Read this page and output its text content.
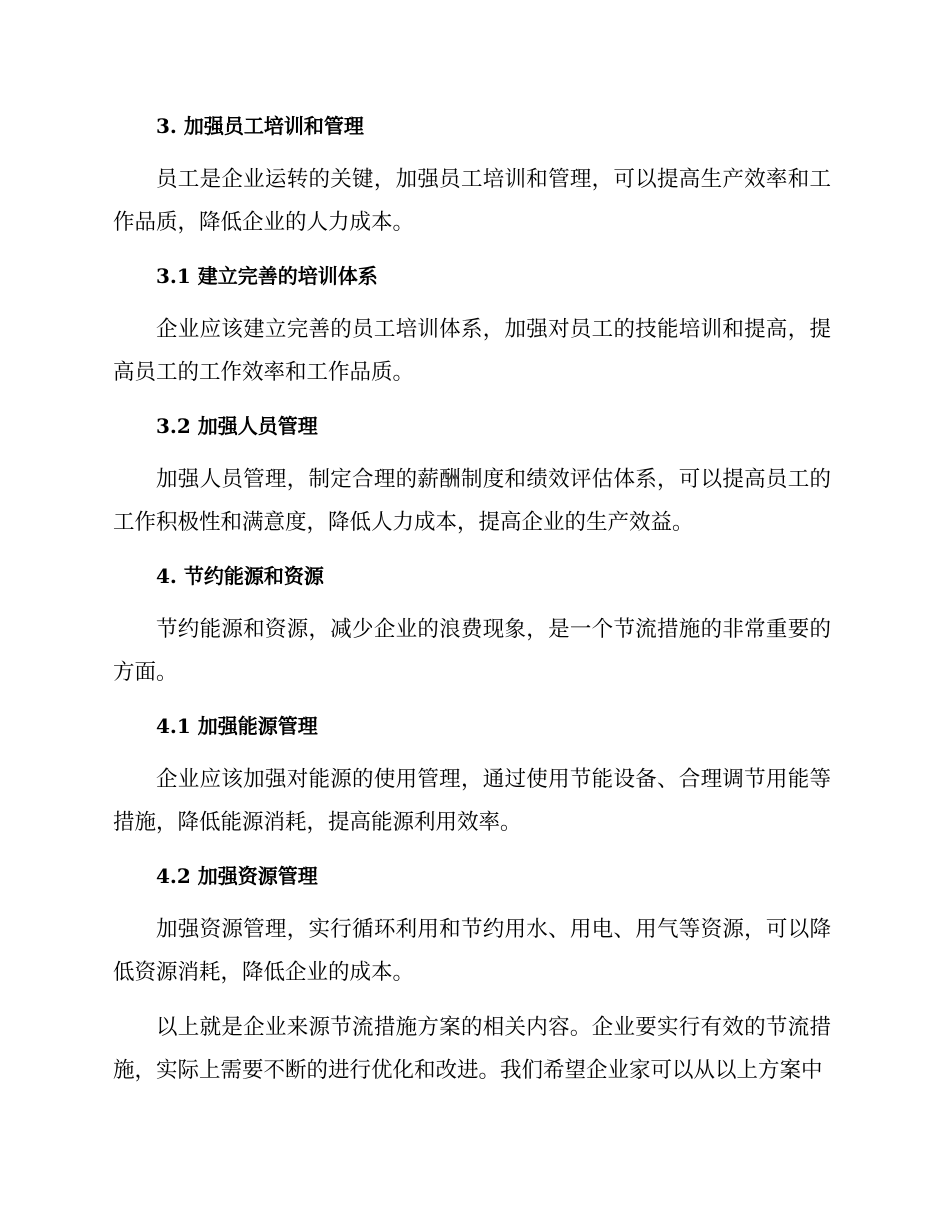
3. 加强员工培训和管理

员工是企业运转的关键，加强员工培训和管理，可以提高生产效率和工作品质，降低企业的人力成本。

3.1 建立完善的培训体系

企业应该建立完善的员工培训体系，加强对员工的技能培训和提高，提高员工的工作效率和工作品质。

3.2 加强人员管理

加强人员管理，制定合理的薪酬制度和绩效评估体系，可以提高员工的工作积极性和满意度，降低人力成本，提高企业的生产效益。

4. 节约能源和资源

节约能源和资源，减少企业的浪费现象，是一个节流措施的非常重要的方面。

4.1 加强能源管理

企业应该加强对能源的使用管理，通过使用节能设备、合理调节用能等措施，降低能源消耗，提高能源利用效率。

4.2 加强资源管理

加强资源管理，实行循环利用和节约用水、用电、用气等资源，可以降低资源消耗，降低企业的成本。

以上就是企业来源节流措施方案的相关内容。企业要实行有效的节流措施，实际上需要不断的进行优化和改进。我们希望企业家可以从以上方案中
